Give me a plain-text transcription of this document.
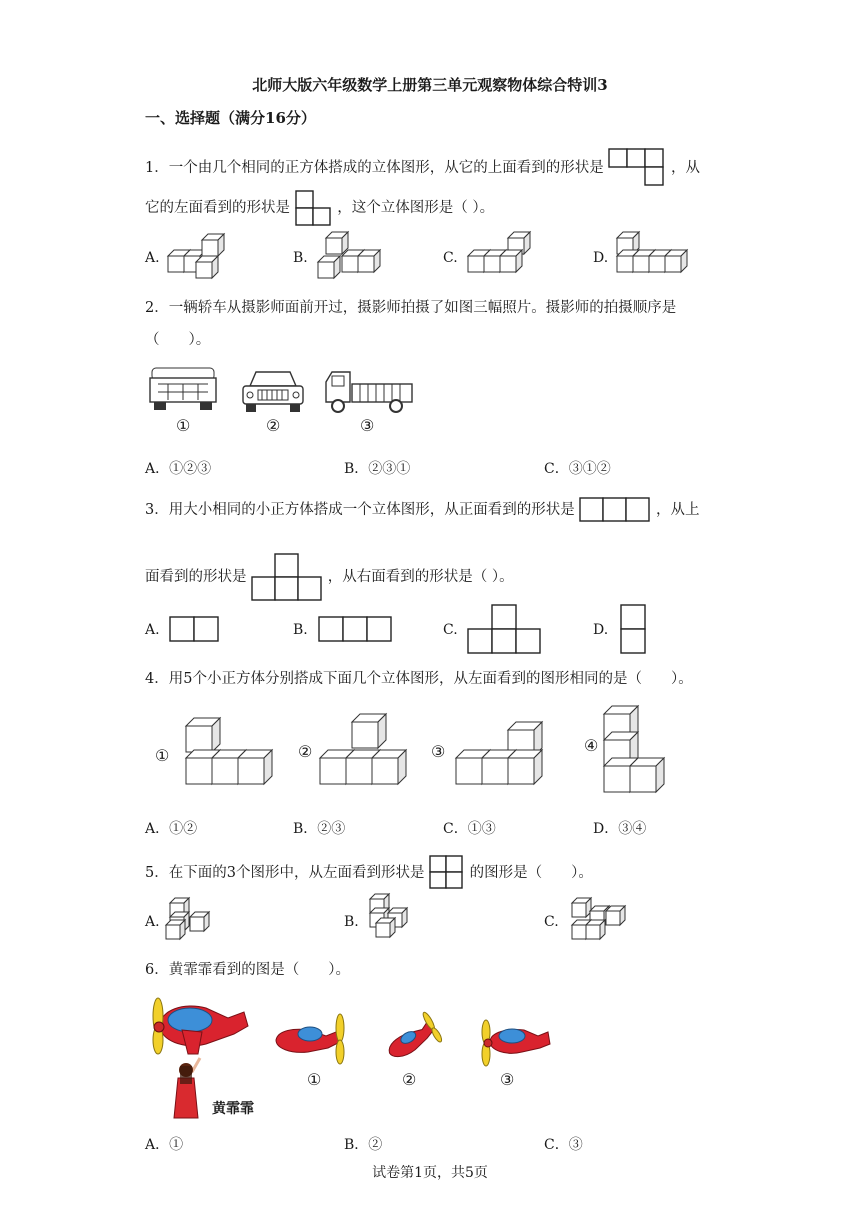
北师大版六年级数学上册第三单元观察物体综合特训3
一、选择题（满分16分）
1．一个由几个相同的正方体搭成的立体图形，从它的上面看到的形状是	，从
它的左面看到的形状是	，这个立体图形是（ ）。
A.	B.	C.	D.
2．一辆轿车从摄影师面前开过，摄影师拍摄了如图三幅照片。摄影师的拍摄顺序是
（　　）。
①	②	③
A．①②③	B．②③①	C．③①②
3．用大小相同的小正方体搭成一个立体图形，从正面看到的形状是	，从上
面看到的形状是	，从右面看到的形状是（ ）。
A.	B.	C.	D.
4．用5个小正方体分别搭成下面几个立体图形，从左面看到的图形相同的是（　　）。
①	②	③	④
A．①②	B．②③	C．①③	D．③④
5．在下面的3个图形中，从左面看到形状是	的图形是（　　）。
A.	B.	C.
6．黄霏霏看到的图是（　　）。
黄霏霏
①	②	③
A．①	B．②	C．③
试卷第1页，共5页
